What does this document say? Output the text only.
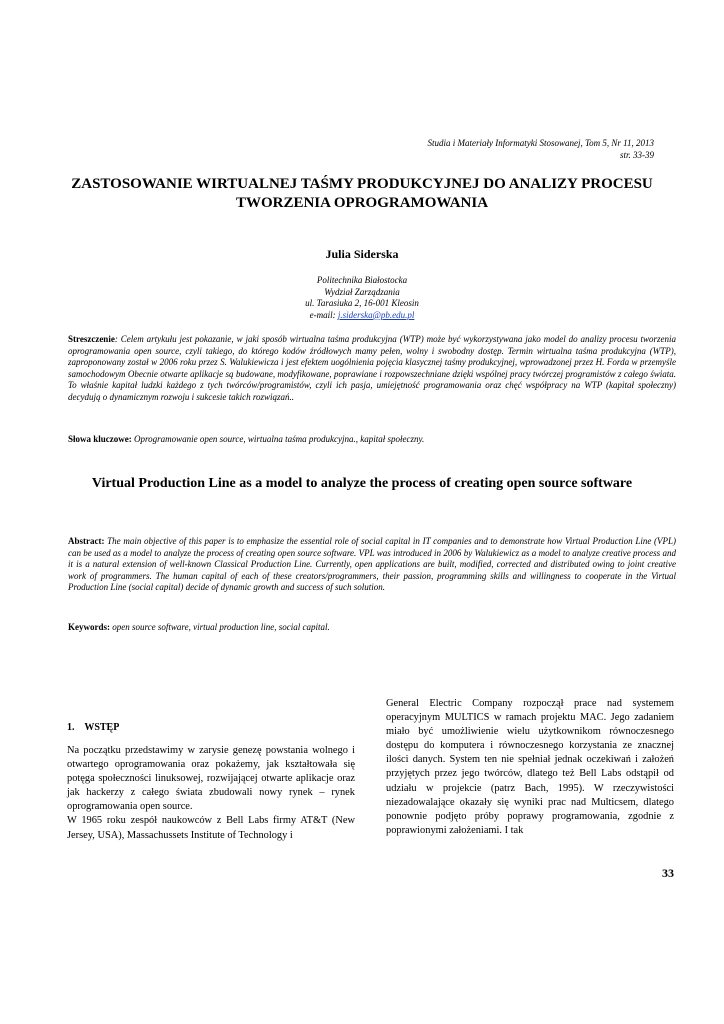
Studia i Materiały Informatyki Stosowanej, Tom 5, Nr 11, 2013
str. 33-39
ZASTOSOWANIE WIRTUALNEJ TAŚMY PRODUKCYJNEJ DO ANALIZY PROCESU TWORZENIA OPROGRAMOWANIA
Julia Siderska
Politechnika Białostocka
Wydział Zarządzania
ul. Tarasiuka 2, 16-001 Kleosin
e-mail: j.siderska@pb.edu.pl
Streszczenie: Celem artykułu jest pokazanie, w jaki sposób wirtualna taśma produkcyjna (WTP) może być wykorzystywana jako model do analizy procesu tworzenia oprogramowania open source, czyli takiego, do którego kodów źródłowych mamy pełen, wolny i swobodny dostęp. Termin wirtualna taśma produkcyjna (WTP), zaproponowany został w 2006 roku przez S. Walukiewicza i jest efektem uogólnienia pojęcia klasycznej taśmy produkcyjnej, wprowadzonej przez H. Forda w przemyśle samochodowym Obecnie otwarte aplikacje są budowane, modyfikowane, poprawiane i rozpowszechniane dzięki wspólnej pracy twórczej programistów z całego świata. To właśnie kapitał ludzki każdego z tych twórców/programistów, czyli ich pasja, umiejętność programowania oraz chęć współpracy na WTP (kapitał społeczny) decydują o dynamicznym rozwoju i sukcesie takich rozwiązań..
Słowa kluczowe: Oprogramowanie open source, wirtualna taśma produkcyjna., kapitał społeczny.
Virtual Production Line as a model to analyze the process of creating open source software
Abstract: The main objective of this paper is to emphasize the essential role of social capital in IT companies and to demonstrate how Virtual Production Line (VPL) can be used as a model to analyze the process of creating open source software. VPL was introduced in 2006 by Walukiewicz as a model to analyze creative process and it is a natural extension of well-known Classical Production Line. Currently, open applications are built, modified, corrected and distributed owing to joint creative work of programmers. The human capital of each of these creators/programmers, their passion, programming skills and willingness to cooperate in the Virtual Production Line (social capital) decide of dynamic growth and success of such solution.
Keywords: open source software, virtual production line, social capital.
1.    WSTĘP

Na początku przedstawimy w zarysie genezę powstania wolnego i otwartego oprogramowania oraz pokażemy, jak kształtowała się potęga społeczności linuksowej, rozwijającej otwarte aplikacje oraz jak hackerzy z całego świata zbudowali nowy rynek – rynek oprogramowania open source.

W 1965 roku zespół naukowców z Bell Labs firmy AT&T (New Jersey, USA), Massachussets Institute of Technology i

General Electric Company rozpoczął prace nad systemem operacyjnym MULTICS w ramach projektu MAC. Jego zadaniem miało być umożliwienie wielu użytkownikom równoczesnego dostępu do komputera i równoczesnego korzystania ze znacznej ilości danych. System ten nie spełniał jednak oczekiwań i założeń przyjętych przez jego twórców, dlatego też Bell Labs odstąpił od udziału w projekcie (patrz Bach, 1995). W rzeczywistości niezadowalające okazały się wyniki prac nad Multicsem, dlatego ponownie podjęto próby poprawy programowania, zgodnie z poprawionymi założeniami. I tak

33
